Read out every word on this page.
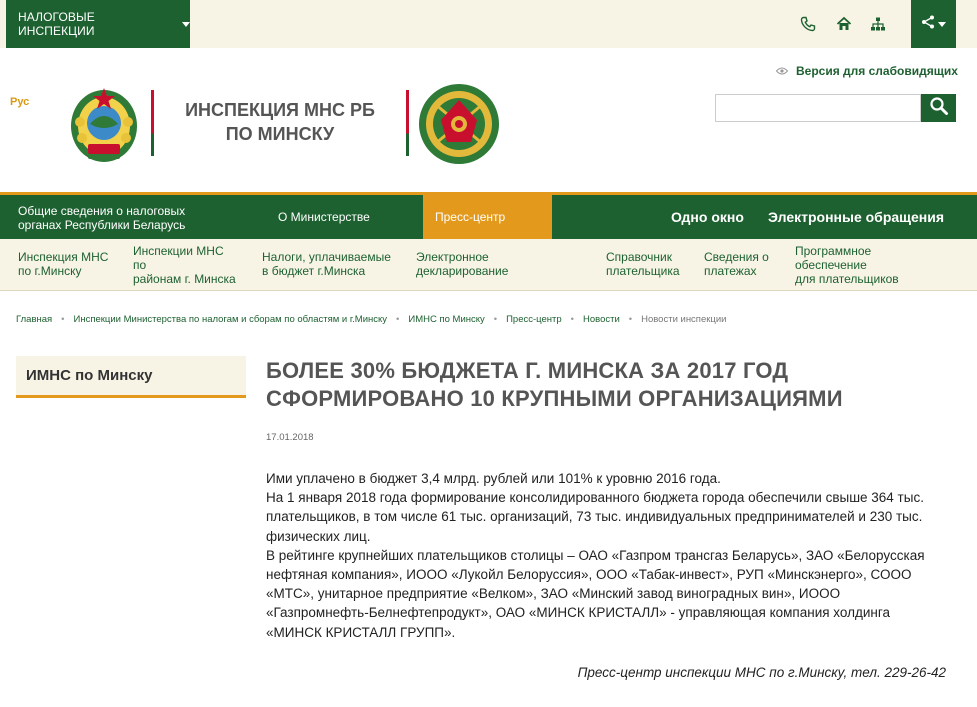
НАЛОГОВЫЕ ИНСПЕКЦИИ
Рус	ИНСПЕКЦИЯ МНС РБ
ПО МИНСКУ
Версия для слабовидящих
Общие сведения о налоговых
органах Республики Беларусь
О Министерстве	Пресс-центр	Одно окно Электронные обращения
Инспекция МНС
по г.Минску
Инспекции МНС
по
районам г. Минска
Налоги, уплачиваемые
в бюджет г.Минска
Электронное
декларирование
Справочник
плательщика
Сведения о
платежах
Программное
обеспечение
для плательщиков
Главная • Инспекции Министерства по налогам и сборам по областям и г.Минску • ИМНС по Минску • Пресс-центр • Новости • Новости инспекции
ИМНС по Минску	БОЛЕЕ 30% БЮДЖЕТА Г. МИНСКА ЗА 2017 ГОД
СФОРМИРОВАНО 10 КРУПНЫМИ ОРГАНИЗАЦИЯМИ
17.01.2018

Ими уплачено в бюджет 3,4 млрд. рублей или 101% к уровню 2016 года.

На 1 января 2018 года формирование консолидированного бюджета города обеспечили свыше 364 тыс. плательщиков, в том числе 61 тыс. организаций, 73 тыс. индивидуальных предпринимателей и 230 тыс. физических лиц.

В рейтинге крупнейших плательщиков столицы – ОАО «Газпром трансгаз Беларусь», ЗАО «Белорусская нефтяная компания», ИООО «Лукойл Белоруссия», ООО «Табак-инвест», РУП «Минскэнерго», СООО «МТС», унитарное предприятие «Велком», ЗАО «Минский завод виноградных вин», ИООО «Газпромнефть-Белнефтепродукт», ОАО «МИНСК КРИСТАЛЛ» - управляющая компания холдинга «МИНСК КРИСТАЛЛ ГРУПП».

Пресс-центр инспекции МНС по г.Минску, тел. 229-26-42
